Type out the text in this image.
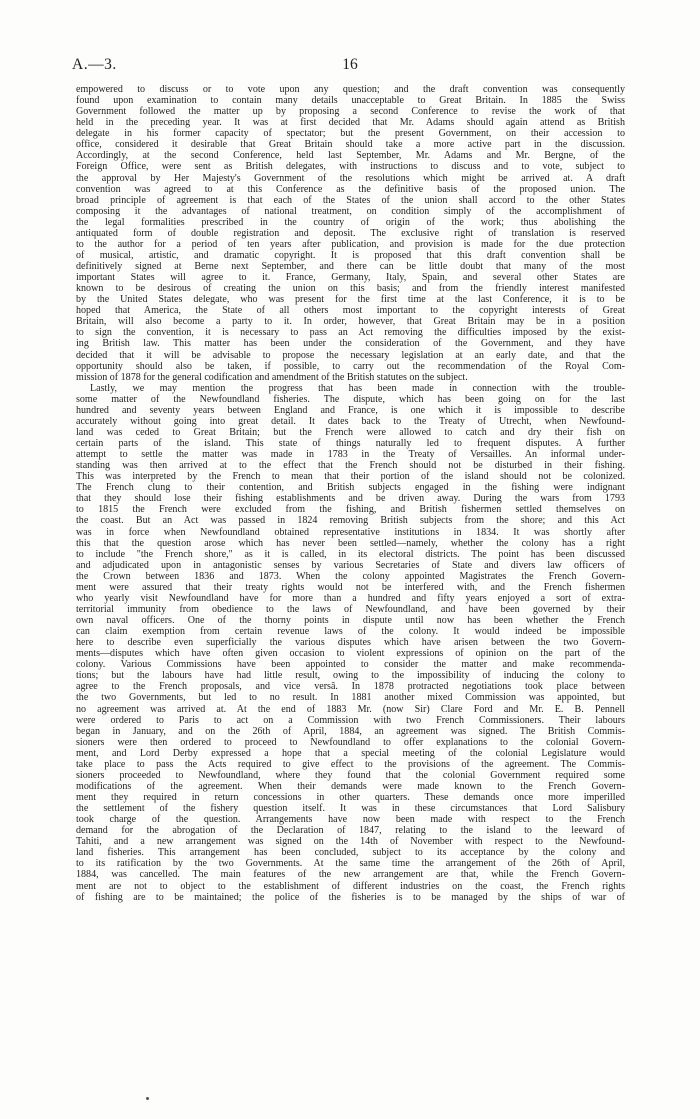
A.—3.	16

empowered to discuss or to vote upon any question; and the draft convention was consequently
found upon examination to contain many details unacceptable to Great Britain. In 1885 the Swiss
Government followed the matter up by proposing a second Conference to revise the work of that
held in the preceding year. It was at first decided that Mr. Adams should again attend as British
delegate in his former capacity of spectator; but the present Government, on their accession to
office, considered it desirable that Great Britain should take a more active part in the discussion.
Accordingly, at the second Conference, held last September, Mr. Adams and Mr. Bergne, of the
Foreign Office, were sent as British delegates, with instructions to discuss and to vote, subject to
the approval by Her Majesty's Government of the resolutions which might be arrived at. A draft
convention was agreed to at this Conference as the definitive basis of the proposed union. The
broad principle of agreement is that each of the States of the union shall accord to the other States
composing it the advantages of national treatment, on condition simply of the accomplishment of
the legal formalities prescribed in the country of origin of the work; thus abolishing the
antiquated form of double registration and deposit. The exclusive right of translation is reserved
to the author for a period of ten years after publication, and provision is made for the due protection
of musical, artistic, and dramatic copyright. It is proposed that this draft convention shall be
definitively signed at Berne next September, and there can be little doubt that many of the most
important States will agree to it. France, Germany, Italy, Spain, and several other States are
known to be desirous of creating the union on this basis; and from the friendly interest manifested
by the United States delegate, who was present for the first time at the last Conference, it is to be
hoped that America, the State of all others most important to the copyright interests of Great
Britain, will also become a party to it. In order, however, that Great Britain may be in a position
to sign the convention, it is necessary to pass an Act removing the difficulties imposed by the exist-
ing British law. This matter has been under the consideration of the Government, and they have
decided that it will be advisable to propose the necessary legislation at an early date, and that the
opportunity should also be taken, if possible, to carry out the recommendation of the Royal Com-
mission of 1878 for the general codification and amendment of the British statutes on the subject.

Lastly, we may mention the progress that has been made in connection with the trouble-
some matter of the Newfoundland fisheries. The dispute, which has been going on for the last
hundred and seventy years between England and France, is one which it is impossible to describe
accurately without going into great detail. It dates back to the Treaty of Utrecht, when Newfound-
land was ceded to Great Britain; but the French were allowed to catch and dry their fish on
certain parts of the island. This state of things naturally led to frequent disputes. A further
attempt to settle the matter was made in 1783 in the Treaty of Versailles. An informal under-
standing was then arrived at to the effect that the French should not be disturbed in their fishing.
This was interpreted by the French to mean that their portion of the island should not be colonized.
The French clung to their contention, and British subjects engaged in the fishing were indignant
that they should lose their fishing establishments and be driven away. During the wars from 1793
to 1815 the French were excluded from the fishing, and British fishermen settled themselves on
the coast. But an Act was passed in 1824 removing British subjects from the shore; and this Act
was in force when Newfoundland obtained representative institutions in 1834. It was shortly after
this that the question arose which has never been settled—namely, whether the colony has a right
to include "the French shore," as it is called, in its electoral districts. The point has been discussed
and adjudicated upon in antagonistic senses by various Secretaries of State and divers law officers of
the Crown between 1836 and 1873. When the colony appointed Magistrates the French Govern-
ment were assured that their treaty rights would not be interfered with, and the French fishermen
who yearly visit Newfoundland have for more than a hundred and fifty years enjoyed a sort of extra-
territorial immunity from obedience to the laws of Newfoundland, and have been governed by their
own naval officers. One of the thorny points in dispute until now has been whether the French
can claim exemption from certain revenue laws of the colony. It would indeed be impossible
here to describe even superficially the various disputes which have arisen between the two Govern-
ments—disputes which have often given occasion to violent expressions of opinion on the part of the
colony. Various Commissions have been appointed to consider the matter and make recommenda-
tions; but the labours have had little result, owing to the impossibility of inducing the colony to
agree to the French proposals, and vice versâ. In 1878 protracted negotiations took place between
the two Governments, but led to no result. In 1881 another mixed Commission was appointed, but
no agreement was arrived at. At the end of 1883 Mr. (now Sir) Clare Ford and Mr. E. B. Pennell
were ordered to Paris to act on a Commission with two French Commissioners. Their labours
began in January, and on the 26th of April, 1884, an agreement was signed. The British Commis-
sioners were then ordered to proceed to Newfoundland to offer explanations to the colonial Govern-
ment, and Lord Derby expressed a hope that a special meeting of the colonial Legislature would
take place to pass the Acts required to give effect to the provisions of the agreement. The Commis-
sioners proceeded to Newfoundland, where they found that the colonial Government required some
modifications of the agreement. When their demands were made known to the French Govern-
ment they required in return concessions in other quarters. These demands once more imperilled
the settlement of the fishery question itself. It was in these circumstances that Lord Salisbury
took charge of the question. Arrangements have now been made with respect to the French
demand for the abrogation of the Declaration of 1847, relating to the island to the leeward of
Tahiti, and a new arrangement was signed on the 14th of November with respect to the Newfound-
land fisheries. This arrangement has been concluded, subject to its acceptance by the colony and
to its ratification by the two Governments. At the same time the arrangement of the 26th of April,
1884, was cancelled. The main features of the new arrangement are that, while the French Govern-
ment are not to object to the establishment of different industries on the coast, the French rights
of fishing are to be maintained; the police of the fisheries is to be managed by the ships of war of
